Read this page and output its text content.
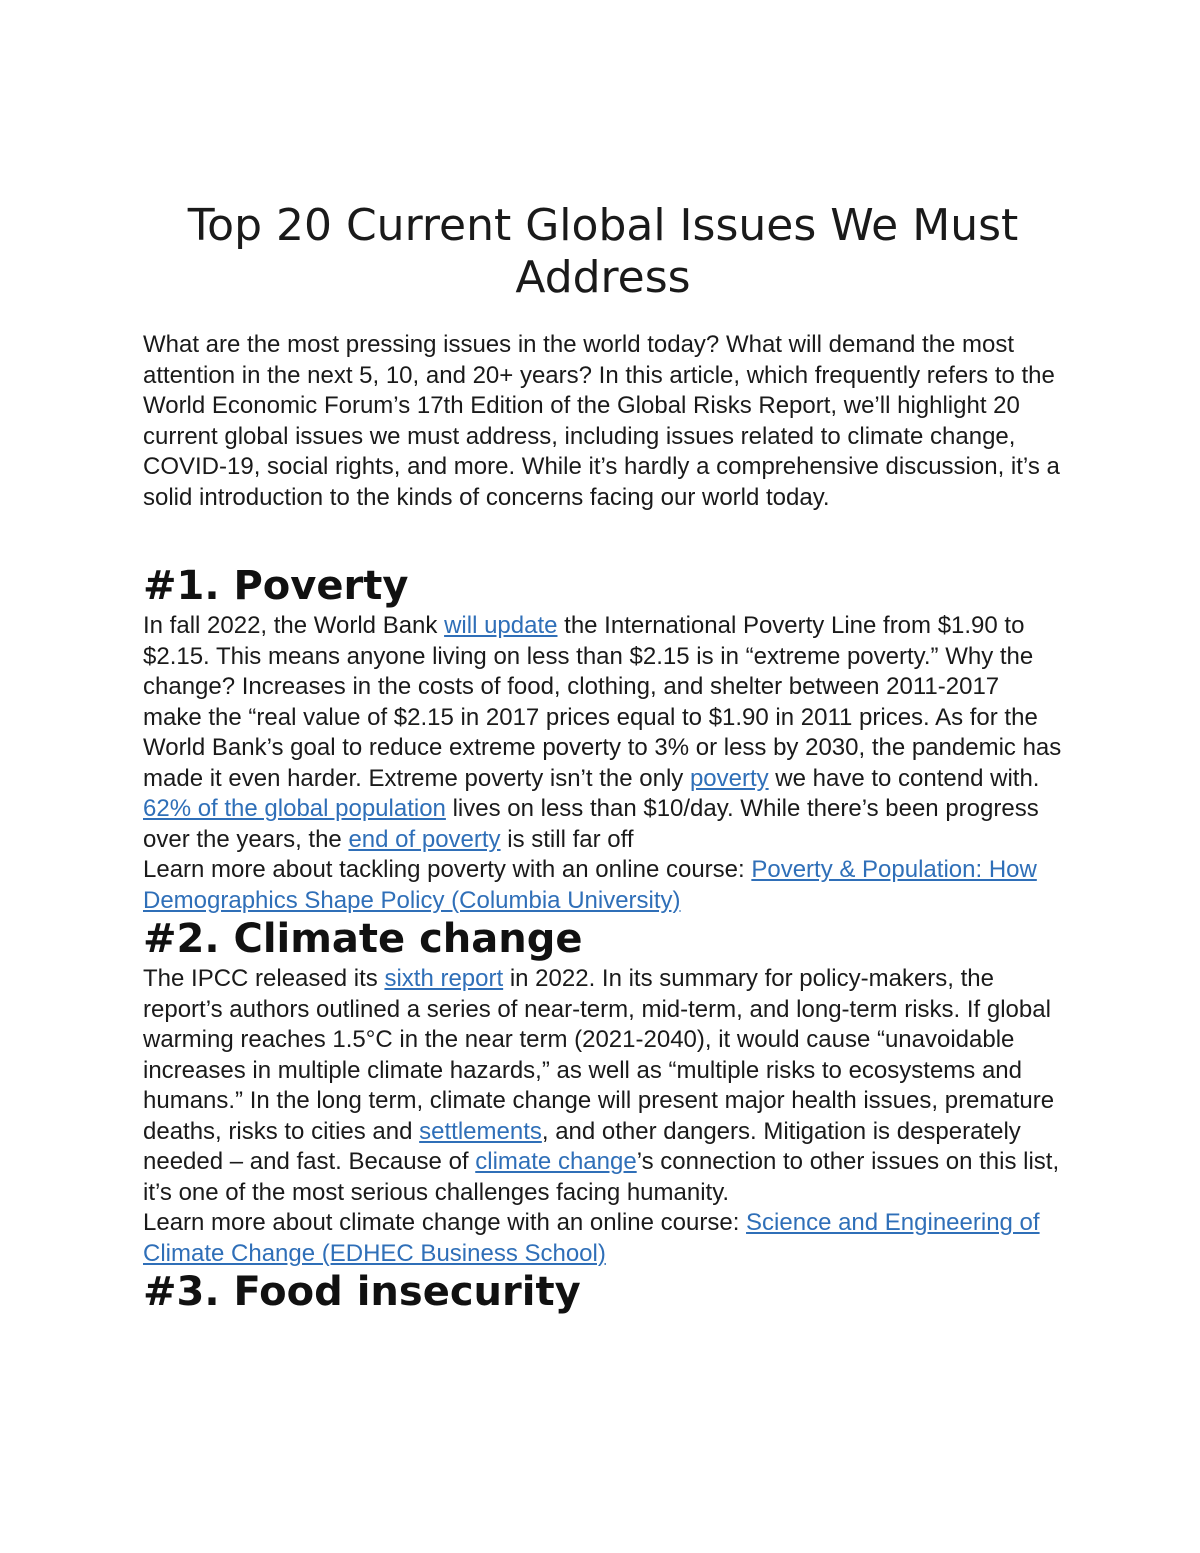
Top 20 Current Global Issues We Must Address

What are the most pressing issues in the world today? What will demand the most attention in the next 5, 10, and 20+ years? In this article, which frequently refers to the World Economic Forum’s 17th Edition of the Global Risks Report, we’ll highlight 20 current global issues we must address, including issues related to climate change, COVID-19, social rights, and more. While it’s hardly a comprehensive discussion, it’s a solid introduction to the kinds of concerns facing our world today.

#1. Poverty

In fall 2022, the World Bank will update the International Poverty Line from $1.90 to $2.15. This means anyone living on less than $2.15 is in “extreme poverty.” Why the change? Increases in the costs of food, clothing, and shelter between 2011-2017 make the “real value of $2.15 in 2017 prices equal to $1.90 in 2011 prices. As for the World Bank’s goal to reduce extreme poverty to 3% or less by 2030, the pandemic has made it even harder. Extreme poverty isn’t the only poverty we have to contend with. 62% of the global population lives on less than $10/day. While there’s been progress over the years, the end of poverty is still far off

Learn more about tackling poverty with an online course: Poverty & Population: How Demographics Shape Policy (Columbia University)

#2. Climate change

The IPCC released its sixth report in 2022. In its summary for policy-makers, the report’s authors outlined a series of near-term, mid-term, and long-term risks. If global warming reaches 1.5°C in the near term (2021-2040), it would cause “unavoidable increases in multiple climate hazards,” as well as “multiple risks to ecosystems and humans.” In the long term, climate change will present major health issues, premature deaths, risks to cities and settlements, and other dangers. Mitigation is desperately needed – and fast. Because of climate change’s connection to other issues on this list, it’s one of the most serious challenges facing humanity.

Learn more about climate change with an online course: Science and Engineering of Climate Change (EDHEC Business School)

#3. Food insecurity
